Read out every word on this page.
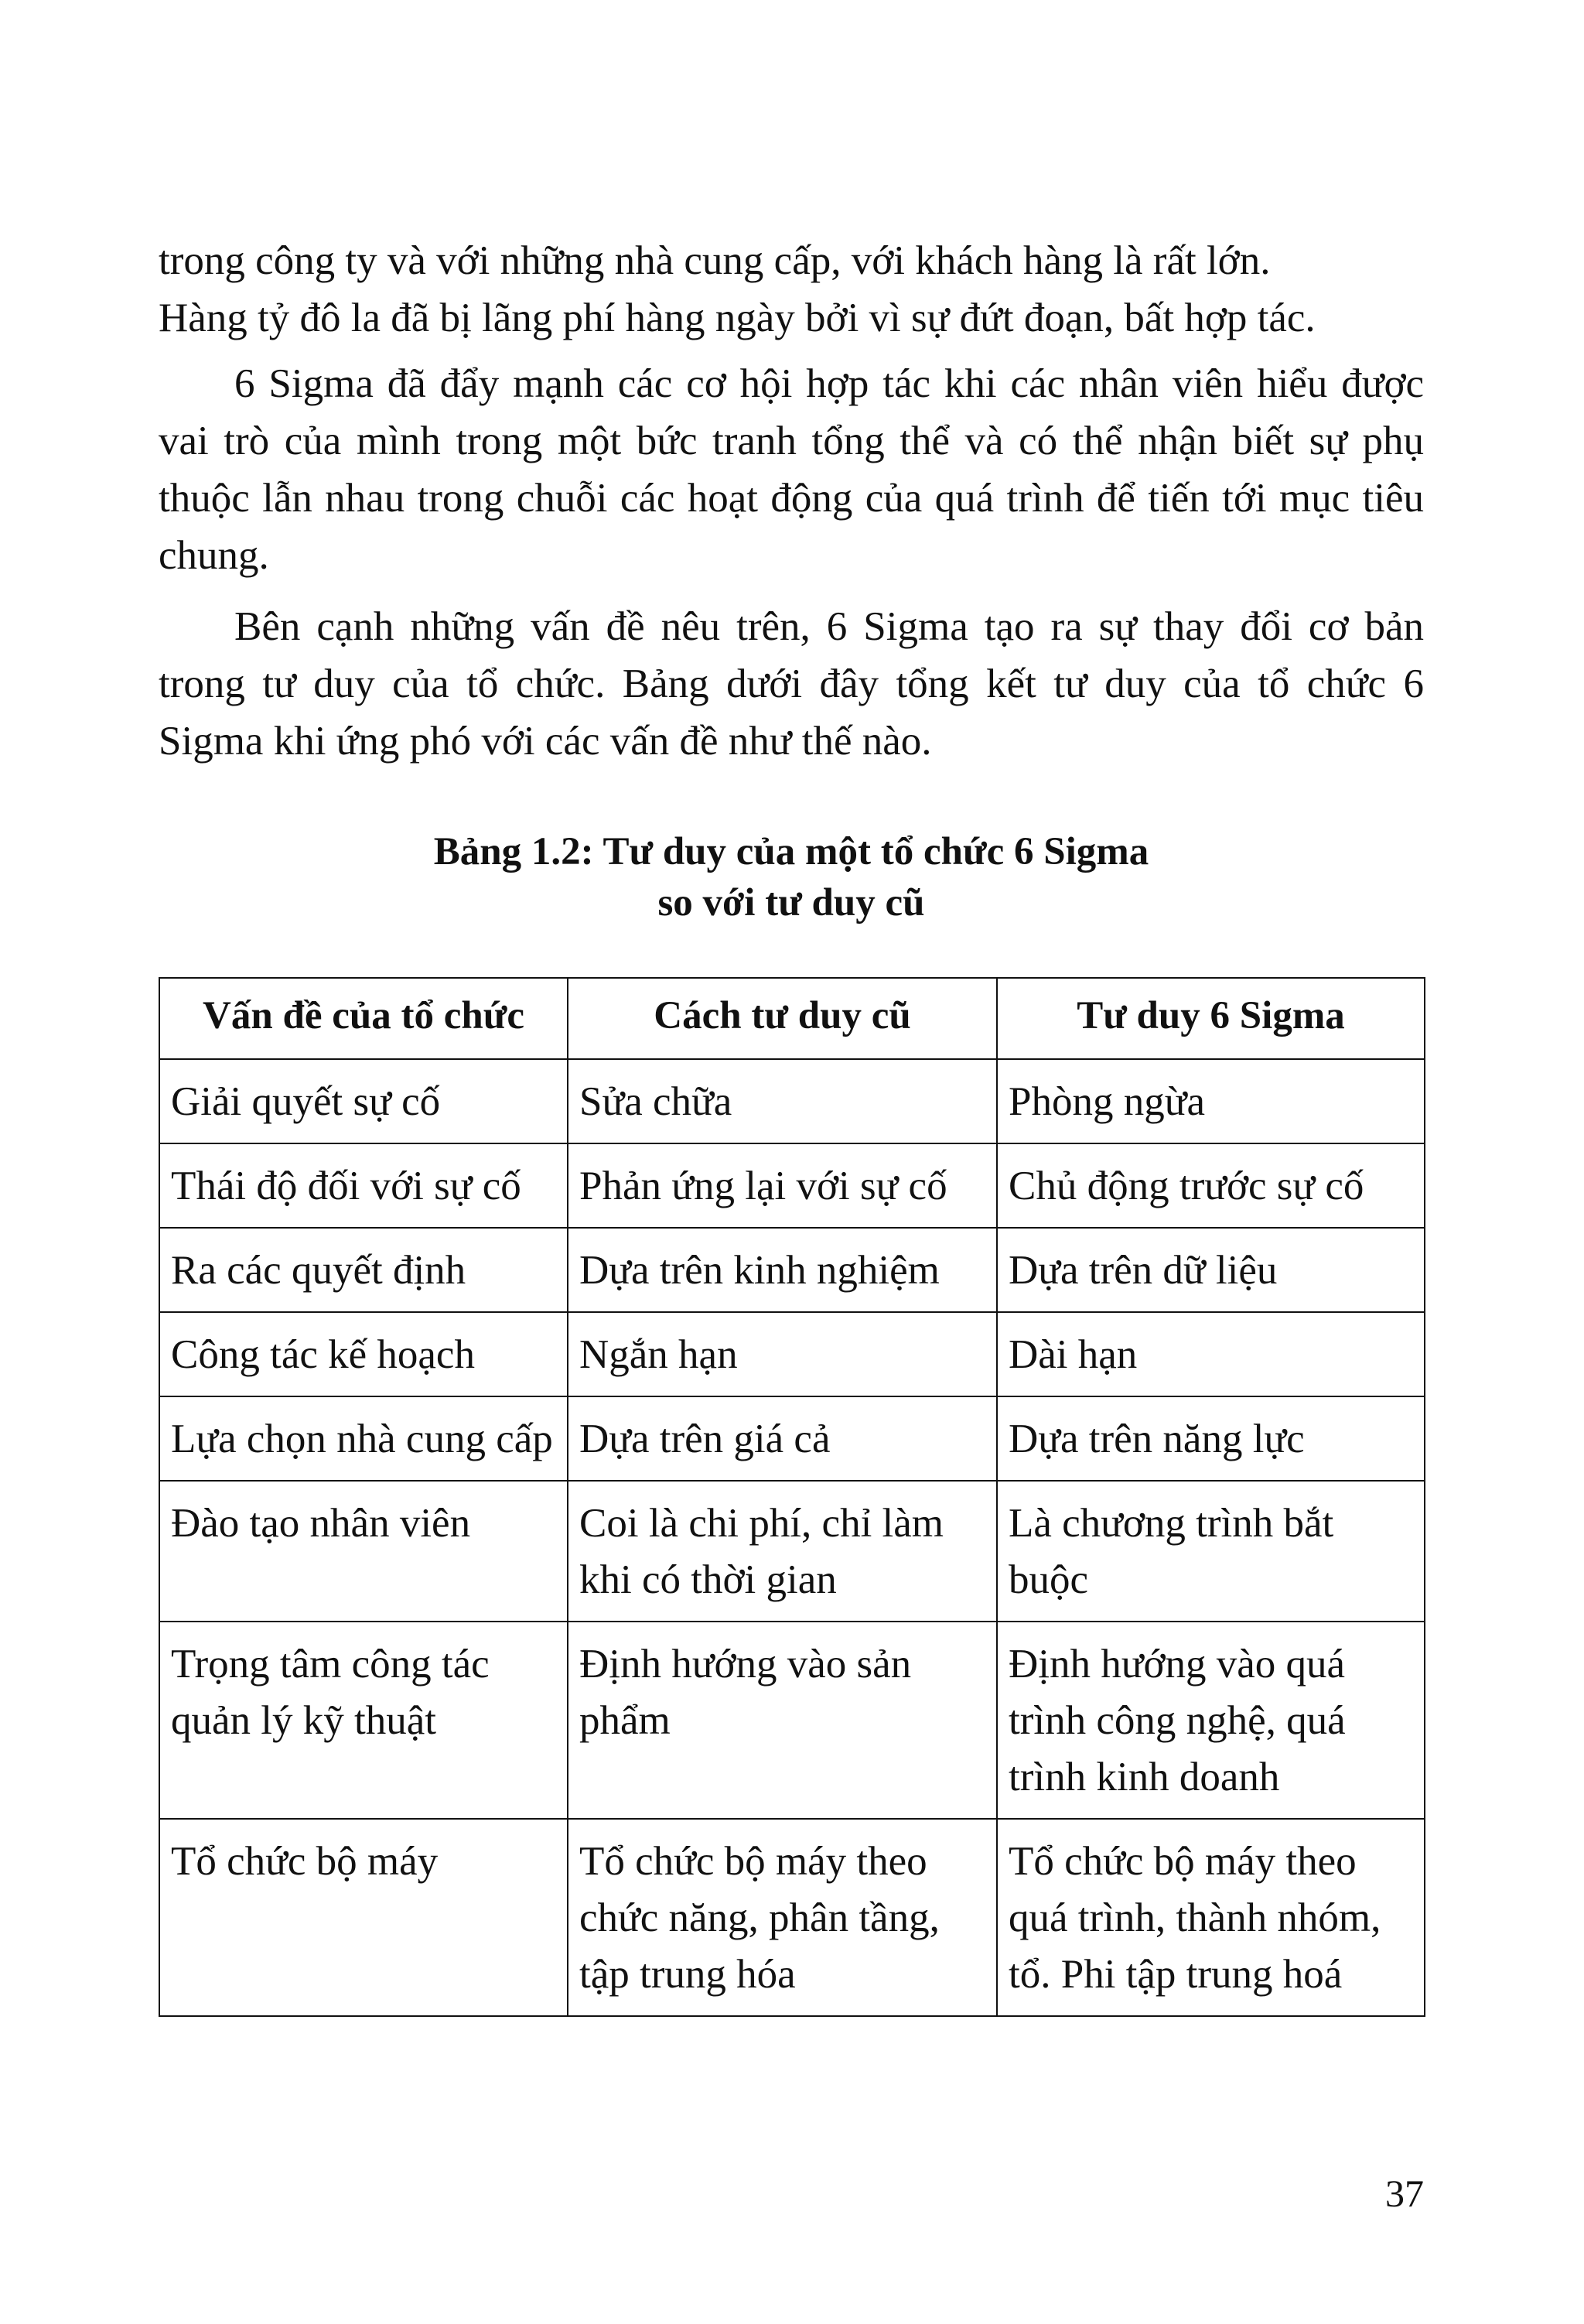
trong công ty và với những nhà cung cấp, với khách hàng là rất lớn.
Hàng tỷ đô la đã bị lãng phí hàng ngày bởi vì sự đứt đoạn, bất hợp tác.

6 Sigma đã đẩy mạnh các cơ hội hợp tác khi các nhân viên hiểu được vai trò của mình trong một bức tranh tổng thể và có thể nhận biết sự phụ thuộc lẫn nhau trong chuỗi các hoạt động của quá trình để tiến tới mục tiêu chung.

Bên cạnh những vấn đề nêu trên, 6 Sigma tạo ra sự thay đổi cơ bản trong tư duy của tổ chức. Bảng dưới đây tổng kết tư duy của tổ chức 6 Sigma khi ứng phó với các vấn đề như thế nào.

Bảng 1.2: Tư duy của một tổ chức 6 Sigma
so với tư duy cũ
Vấn đề của tổ chức	Cách tư duy cũ	Tư duy 6 Sigma
Giải quyết sự cố	Sửa chữa	Phòng ngừa
Thái độ đối với sự cố	Phản ứng lại với sự cố	Chủ động trước sự cố
Ra các quyết định	Dựa trên kinh nghiệm	Dựa trên dữ liệu
Công tác kế hoạch	Ngắn hạn	Dài hạn
Lựa chọn nhà cung cấp	Dựa trên giá cả	Dựa trên năng lực
Đào tạo nhân viên	Coi là chi phí, chỉ làm khi có thời gian	Là chương trình bắt buộc
Trọng tâm công tác quản lý kỹ thuật	Định hướng vào sản phẩm	Định hướng vào quá trình công nghệ, quá trình kinh doanh
Tổ chức bộ máy	Tổ chức bộ máy theo chức năng, phân tầng, tập trung hóa	Tổ chức bộ máy theo quá trình, thành nhóm, tổ. Phi tập trung hoá
37
